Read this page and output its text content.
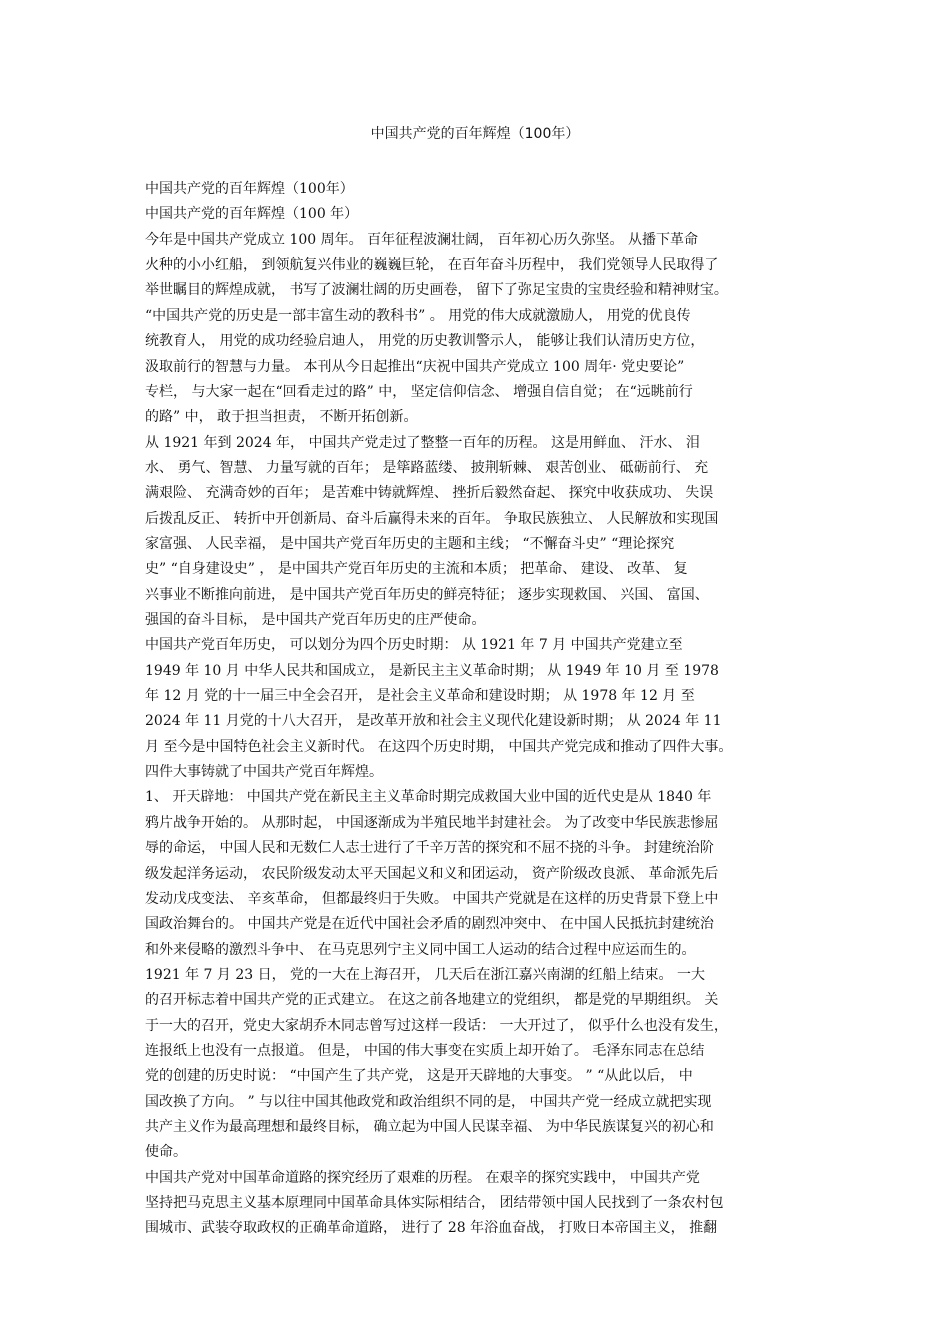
中国共产党的百年辉煌（100年）
中国共产党的百年辉煌（100年）
中国共产党的百年辉煌（100 年）
今年是中国共产党成立 100 周年。 百年征程波澜壮阔， 百年初心历久弥坚。 从播下革命
火种的小小红船， 到领航复兴伟业的巍巍巨轮， 在百年奋斗历程中， 我们党领导人民取得了
举世瞩目的辉煌成就， 书写了波澜壮阔的历史画卷， 留下了弥足宝贵的宝贵经验和精神财宝。
“中国共产党的历史是一部丰富生动的教科书” 。 用党的伟大成就激励人， 用党的优良传
统教育人， 用党的成功经验启迪人， 用党的历史教训警示人， 能够让我们认清历史方位，
汲取前行的智慧与力量。 本刊从今日起推出“庆祝中国共产党成立 100 周年· 党史要论”
专栏， 与大家一起在“回看走过的路” 中， 坚定信仰信念、 增强自信自觉； 在“远眺前行
的路” 中， 敢于担当担责， 不断开拓创新。
从 1921 年到 2024 年， 中国共产党走过了整整一百年的历程。 这是用鲜血、 汗水、 泪
水、 勇气、智慧、 力量写就的百年； 是筚路蓝缕、 披荆斩棘、 艰苦创业、 砥砺前行、 充
满艰险、 充满奇妙的百年； 是苦难中铸就辉煌、 挫折后毅然奋起、 探究中收获成功、 失误
后拨乱反正、 转折中开创新局、奋斗后赢得未来的百年。 争取民族独立、 人民解放和实现国
家富强、 人民幸福， 是中国共产党百年历史的主题和主线； “不懈奋斗史” “理论探究
史” “自身建设史” ， 是中国共产党百年历史的主流和本质； 把革命、 建设、 改革、 复
兴事业不断推向前进， 是中国共产党百年历史的鲜亮特征； 逐步实现救国、 兴国、 富国、
强国的奋斗目标， 是中国共产党百年历史的庄严使命。
中国共产党百年历史， 可以划分为四个历史时期： 从 1921 年 7 月 中国共产党建立至
1949 年 10 月 中华人民共和国成立， 是新民主主义革命时期； 从 1949 年 10 月 至 1978
年 12 月 党的十一届三中全会召开， 是社会主义革命和建设时期； 从 1978 年 12 月 至
2024 年 11 月党的十八大召开， 是改革开放和社会主义现代化建设新时期； 从 2024 年 11
月 至今是中国特色社会主义新时代。 在这四个历史时期， 中国共产党完成和推动了四件大事。
四件大事铸就了中国共产党百年辉煌。
1、 开天辟地： 中国共产党在新民主主义革命时期完成救国大业中国的近代史是从 1840 年
鸦片战争开始的。 从那时起， 中国逐渐成为半殖民地半封建社会。 为了改变中华民族悲惨屈
辱的命运， 中国人民和无数仁人志士进行了千辛万苦的探究和不屈不挠的斗争。 封建统治阶
级发起洋务运动， 农民阶级发动太平天国起义和义和团运动， 资产阶级改良派、 革命派先后
发动戊戌变法、 辛亥革命， 但都最终归于失败。 中国共产党就是在这样的历史背景下登上中
国政治舞台的。 中国共产党是在近代中国社会矛盾的剧烈冲突中、 在中国人民抵抗封建统治
和外来侵略的激烈斗争中、 在马克思列宁主义同中国工人运动的结合过程中应运而生的。
1921 年 7 月 23 日， 党的一大在上海召开， 几天后在浙江嘉兴南湖的红船上结束。 一大
的召开标志着中国共产党的正式建立。 在这之前各地建立的党组织， 都是党的早期组织。 关
于一大的召开，党史大家胡乔木同志曾写过这样一段话： 一大开过了， 似乎什么也没有发生，
连报纸上也没有一点报道。 但是， 中国的伟大事变在实质上却开始了。 毛泽东同志在总结
党的创建的历史时说： “中国产生了共产党， 这是开天辟地的大事变。 ” “从此以后， 中
国改换了方向。 ” 与以往中国其他政党和政治组织不同的是， 中国共产党一经成立就把实现
共产主义作为最高理想和最终目标， 确立起为中国人民谋幸福、 为中华民族谋复兴的初心和
使命。
中国共产党对中国革命道路的探究经历了艰难的历程。 在艰辛的探究实践中， 中国共产党
坚持把马克思主义基本原理同中国革命具体实际相结合， 团结带领中国人民找到了一条农村包
围城市、武装夺取政权的正确革命道路， 进行了 28 年浴血奋战， 打败日本帝国主义， 推翻
